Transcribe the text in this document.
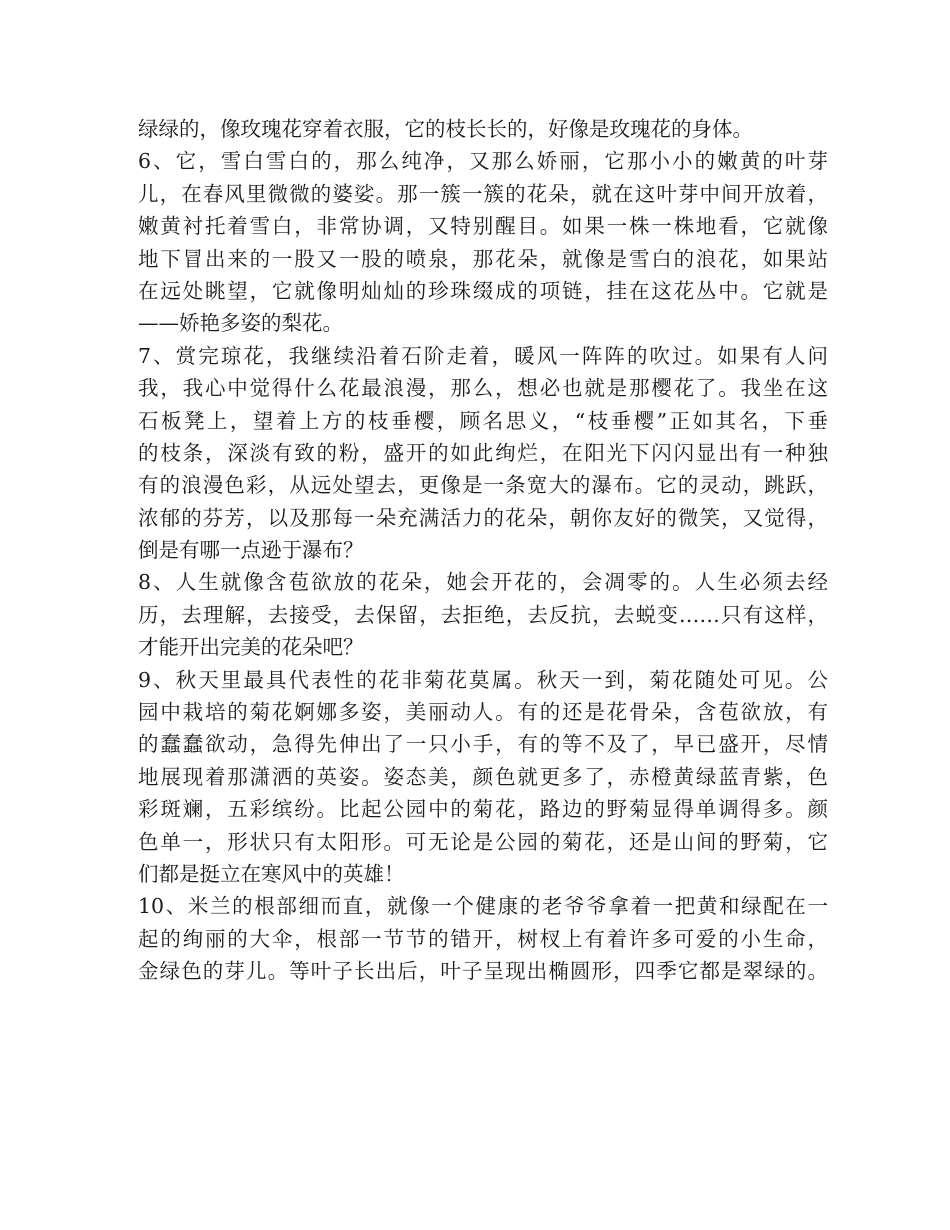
绿绿的，像玫瑰花穿着衣服，它的枝长长的，好像是玫瑰花的身体。
6、它，雪白雪白的，那么纯净，又那么娇丽，它那小小的嫩黄的叶芽
儿，在春风里微微的婆娑。那一簇一簇的花朵，就在这叶芽中间开放着，
嫩黄衬托着雪白，非常协调，又特别醒目。如果一株一株地看，它就像
地下冒出来的一股又一股的喷泉，那花朵，就像是雪白的浪花，如果站
在远处眺望，它就像明灿灿的珍珠缀成的项链，挂在这花丛中。它就是
——娇艳多姿的梨花。
7、赏完琼花，我继续沿着石阶走着，暖风一阵阵的吹过。如果有人问
我，我心中觉得什么花最浪漫，那么，想必也就是那樱花了。我坐在这
石板凳上，望着上方的枝垂樱，顾名思义，“枝垂樱”正如其名，下垂
的枝条，深淡有致的粉，盛开的如此绚烂，在阳光下闪闪显出有一种独
有的浪漫色彩，从远处望去，更像是一条宽大的瀑布。它的灵动，跳跃，
浓郁的芬芳，以及那每一朵充满活力的花朵，朝你友好的微笑，又觉得，
倒是有哪一点逊于瀑布？
8、人生就像含苞欲放的花朵，她会开花的，会凋零的。人生必须去经
历，去理解，去接受，去保留，去拒绝，去反抗，去蜕变……只有这样，
才能开出完美的花朵吧？
9、秋天里最具代表性的花非菊花莫属。秋天一到，菊花随处可见。公
园中栽培的菊花婀娜多姿，美丽动人。有的还是花骨朵，含苞欲放，有
的蠢蠢欲动，急得先伸出了一只小手，有的等不及了，早已盛开，尽情
地展现着那潇洒的英姿。姿态美，颜色就更多了，赤橙黄绿蓝青紫，色
彩斑斓，五彩缤纷。比起公园中的菊花，路边的野菊显得单调得多。颜
色单一，形状只有太阳形。可无论是公园的菊花，还是山间的野菊，它
们都是挺立在寒风中的英雄！
10、米兰的根部细而直，就像一个健康的老爷爷拿着一把黄和绿配在一
起的绚丽的大伞，根部一节节的错开，树杈上有着许多可爱的小生命，
金绿色的芽儿。等叶子长出后，叶子呈现出椭圆形，四季它都是翠绿的。
